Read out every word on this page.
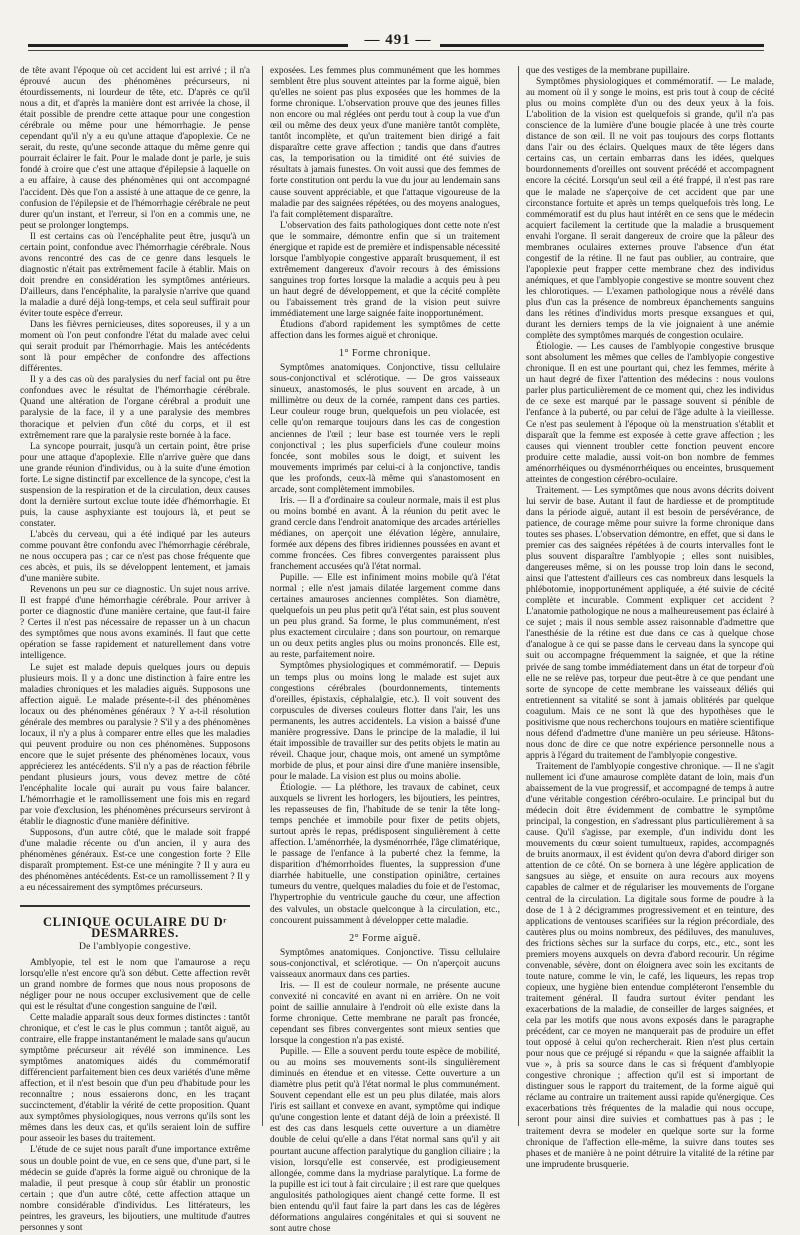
— 491 —

de tête avant l'époque où cet accident lui est arrivé ; il n'a éprouvé aucun des phénomènes précurseurs, ni étourdissements, ni lourdeur de tête, etc. D'après ce qu'il nous a dit, et d'après la manière dont est arrivée la chose, il était possible de prendre cette attaque pour une congestion cérébrale ou même pour une hémorrhagie. Je pense cependant qu'il n'y a eu qu'une attaque d'apoplexie. Ce ne serait, du reste, qu'une seconde attaque du même genre qui pourrait éclairer le fait. Pour le malade dont je parle, je suis fondé à croire que c'est une attaque d'épilepsie à laquelle on a eu affaire, à cause des phénomènes qui ont accompagné l'accident. Dès que l'on a assisté à une attaque de ce genre, la confusion de l'épilepsie et de l'hémorrhagie cérébrale ne peut durer qu'un instant, et l'erreur, si l'on en a commis une, ne peut se prolonger longtemps.

Il est certains cas où l'encéphalite peut être, jusqu'à un certain point, confondue avec l'hémorrhagie cérébrale. Nous avons rencontré des cas de ce genre dans lesquels le diagnostic n'était pas extrêmement facile à établir. Mais on doit prendre en considération les symptômes antérieurs. D'ailleurs, dans l'encéphalite, la paralysie n'arrive que quand la maladie a duré déjà long-temps, et cela seul suffirait pour éviter toute espèce d'erreur.

Dans les fièvres pernicieuses, dites soporeuses, il y a un moment où l'on peut confondre l'état du malade avec celui qui serait produit par l'hémorrhagie. Mais les antécédents sont là pour empêcher de confondre des affections différentes.

Il y a des cas où des paralysies du nerf facial ont pu être confondues avec le résultat de l'hémorrhagie cérébrale. Quand une altération de l'organe cérébral a produit une paralysie de la face, il y a une paralysie des membres thoracique et pelvien d'un côté du corps, et il est extrêmement rare que la paralysie reste bornée à la face.

La syncope pourrait, jusqu'à un certain point, être prise pour une attaque d'apoplexie. Elle n'arrive guère que dans une grande réunion d'individus, ou à la suite d'une émotion forte. Le signe distinctif par excellence de la syncope, c'est la suspension de la respiration et de la circulation, deux causes dont la dernière surtout exclue toute idée d'hémorrhagie. Et puis, la cause asphyxiante est toujours là, et peut se constater.

L'abcès du cerveau, qui a été indiqué par les auteurs comme pouvant être confondu avec l'hémorrhagie cérébrale, ne nous occupera pas ; car ce n'est pas chose fréquente que ces abcès, et puis, ils se développent lentement, et jamais d'une manière subite.

Revenons un peu sur ce diagnostic. Un sujet nous arrive. Il est frappé d'une hémorrhagie cérébrale. Pour arriver à porter ce diagnostic d'une manière certaine, que faut-il faire ? Certes il n'est pas nécessaire de repasser un à un chacun des symptômes que nous avons examinés. Il faut que cette opération se fasse rapidement et naturellement dans votre intelligence.

Le sujet est malade depuis quelques jours ou depuis plusieurs mois. Il y a donc une distinction à faire entre les maladies chroniques et les maladies aiguës. Supposons une affection aiguë. Le malade présente-t-il des phénomènes locaux ou des phénomènes généraux ? Y a-t-il résolution générale des membres ou paralysie ? S'il y a des phénomènes locaux, il n'y a plus à comparer entre elles que les maladies qui peuvent produire ou non ces phénomènes. Supposons encore que le sujet présente des phénomènes locaux, vous apprécierez les antécédents. S'il n'y a pas de réaction fébrile pendant plusieurs jours, vous devez mettre de côté l'encéphalite locale qui aurait pu vous faire balancer. L'hémorrhagie et le ramollissement une fois mis en regard par voie d'exclusion, les phénomènes précurseurs serviront à établir le diagnostic d'une manière définitive.

Supposons, d'un autre côté, que le malade soit frappé d'une maladie récente ou d'un ancien, il y aura des phénomènes généraux. Est-ce une congestion forte ? Elle disparaît promptement. Est-ce une méningite ? Il y aura eu des phénomènes antécédents. Est-ce un ramollissement ? Il y a eu nécessairement des symptômes précurseurs.

CLINIQUE OCULAIRE DU Dʳ DESMARRES.
De l'amblyopie congestive.

Amblyopie, tel est le nom que l'amaurose a reçu lorsqu'elle n'est encore qu'à son début. Cette affection revêt un grand nombre de formes que nous nous proposons de négliger pour ne nous occuper exclusivement que de celle qui est le résultat d'une congestion sanguine de l'œil.

Cette maladie apparaît sous deux formes distinctes : tantôt chronique, et c'est le cas le plus commun ; tantôt aiguë, au contraire, elle frappe instantanément le malade sans qu'aucun symptôme précurseur ait révélé son imminence. Les symptômes anatomiques aidés du commémoratif différencient parfaitement bien ces deux variétés d'une même affection, et il n'est besoin que d'un peu d'habitude pour les reconnaître ; nous essaierons donc, en les traçant succinctement, d'établir la vérité de cette proposition. Quant aux symptômes physiologiques, nous verrons qu'ils sont les mêmes dans les deux cas, et qu'ils seraient loin de suffire pour asseoir les bases du traitement.

L'étude de ce sujet nous paraît d'une importance extrême sous un double point de vue, en ce sens que, d'une part, si le médecin se guide d'après la forme aiguë ou chronique de la maladie, il peut presque à coup sûr établir un pronostic certain ; que d'un autre côté, cette affection attaque un nombre considérable d'individus. Les littérateurs, les peintres, les graveurs, les bijoutiers, une multitude d'autres personnes y sont

exposées. Les femmes plus communément que les hommes semblent être plus souvent atteintes par la forme aiguë, bien qu'elles ne soient pas plus exposées que les hommes de la forme chronique. L'observation prouve que des jeunes filles non encore ou mal réglées ont perdu tout à coup la vue d'un œil ou même des deux yeux d'une manière tantôt complète, tantôt incomplète, et qu'un traitement bien dirigé a fait disparaître cette grave affection ; tandis que dans d'autres cas, la temporisation ou la timidité ont été suivies de résultats à jamais funestes. On voit aussi que des femmes de forte constitution ont perdu la vue du jour au lendemain sans cause souvent appréciable, et que l'attaque vigoureuse de la maladie par des saignées répétées, ou des moyens analogues, l'a fait complètement disparaître.

L'observation des faits pathologiques dont cette note n'est que le sommaire, démontre enfin que si un traitement énergique et rapide est de première et indispensable nécessité lorsque l'amblyopie congestive apparaît brusquement, il est extrêmement dangereux d'avoir recours à des émissions sanguines trop fortes lorsque la maladie a acquis peu à peu un haut degré de développement, et que la cécité complète ou l'abaissement très grand de la vision peut suivre immédiatement une large saignée faite inopportunément.

Étudions d'abord rapidement les symptômes de cette affection dans les formes aiguë et chronique.

1° Forme chronique.

Symptômes anatomiques. Conjonctive, tissu cellulaire sous-conjonctival et sclérotique. — De gros vaisseaux sinueux, anastomosés, le plus souvent en arcade, à un millimètre ou deux de la cornée, rampent dans ces parties. Leur couleur rouge brun, quelquefois un peu violacée, est celle qu'on remarque toujours dans les cas de congestion anciennes de l'œil ; leur base est tournée vers le repli conjonctival ; les plus superficiels d'une couleur moins foncée, sont mobiles sous le doigt, et suivent les mouvements imprimés par celui-ci à la conjonctive, tandis que les profonds, ceux-là même qui s'anastomosent en arcade, sont complètement immobiles.

Iris. — Il a d'ordinaire sa couleur normale, mais il est plus ou moins bombé en avant. À la réunion du petit avec le grand cercle dans l'endroit anatomique des arcades artérielles médianes, on aperçoit une élévation légère, annulaire, formée aux dépens des fibres iridiennes poussées en avant et comme froncées. Ces fibres convergentes paraissent plus franchement accusées qu'à l'état normal.

Pupille. — Elle est infiniment moins mobile qu'à l'état normal ; elle n'est jamais dilatée largement comme dans certaines amauroses anciennes complètes. Son diamètre, quelquefois un peu plus petit qu'à l'état sain, est plus souvent un peu plus grand. Sa forme, le plus communément, n'est plus exactement circulaire ; dans son pourtour, on remarque un ou deux petits angles plus ou moins prononcés. Elle est, au reste, parfaitement noire.

Symptômes physiologiques et commémoratif. — Depuis un temps plus ou moins long le malade est sujet aux congestions cérébrales (bourdonnements, tintements d'oreilles, épistaxis, céphalalgie, etc.). Il voit souvent des corpuscules de diverses couleurs flotter dans l'air, les uns permanents, les autres accidentels. La vision a baissé d'une manière progressive. Dans le principe de la maladie, il lui était impossible de travailler sur des petits objets le matin au réveil. Chaque jour, chaque mois, ont amené un symptôme morbide de plus, et pour ainsi dire d'une manière insensible, pour le malade. La vision est plus ou moins abolie.

Étiologie. — La pléthore, les travaux de cabinet, ceux auxquels se livrent les horlogers, les bijoutiers, les peintres, les repasseuses de fin, l'habitude de se tenir la tête long-temps penchée et immobile pour fixer de petits objets, surtout après le repas, prédisposent singulièrement à cette affection. L'aménorrhée, la dysménorrhée, l'âge climatérique, le passage de l'enfance à la puberté chez la femme, la disparition d'hémorrhoïdes fluentes, la suppression d'une diarrhée habituelle, une constipation opiniâtre, certaines tumeurs du ventre, quelques maladies du foie et de l'estomac, l'hypertrophie du ventricule gauche du cœur, une affection des valvules, un obstacle quelconque à la circulation, etc., concourent puissamment à développer cette maladie.

2° Forme aiguë.

Symptômes anatomiques. Conjonctive. Tissu cellulaire sous-conjonctival, et sclérotique. — On n'aperçoit aucuns vaisseaux anormaux dans ces parties.

Iris. — Il est de couleur normale, ne présente aucune convexité ni concavité en avant ni en arrière. On ne voit point de saillie annulaire à l'endroit où elle existe dans la forme chronique. Cette membrane ne paraît pas froncée, cependant ses fibres convergentes sont mieux senties que lorsque la congestion n'a pas existé.

Pupille. — Elle a souvent perdu toute espèce de mobilité, ou au moins ses mouvements sont-ils singulièrement diminués en étendue et en vitesse. Cette ouverture a un diamètre plus petit qu'à l'état normal le plus communément. Souvent cependant elle est un peu plus dilatée, mais alors l'iris est saillant et convexe en avant, symptôme qui indique qu'une congestion lente et datant déjà de loin a préexisté. Il est des cas dans lesquels cette ouverture a un diamètre double de celui qu'elle a dans l'état normal sans qu'il y ait pourtant aucune affection paralytique du ganglion ciliaire ; la vision, lorsqu'elle est conservée, est prodigieusement allongée, comme dans la mydriase paralytique. La forme de la pupille est ici tout à fait circulaire ; il est rare que quelques angulosités pathologiques aient changé cette forme. Il est bien entendu qu'il faut faire la part dans les cas de légères déformations angulaires congénitales et qui si souvent ne sont autre chose

que des vestiges de la membrane pupillaire.

Symptômes physiologiques et commémoratif. — Le malade, au moment où il y songe le moins, est pris tout à coup de cécité plus ou moins complète d'un ou des deux yeux à la fois. L'abolition de la vision est quelquefois si grande, qu'il n'a pas conscience de la lumière d'une bougie placée à une très courte distance de son œil. Il ne voit pas toujours des corps flottants dans l'air ou des éclairs. Quelques maux de tête légers dans certains cas, un certain embarras dans les idées, quelques bourdonnements d'oreilles ont souvent précédé et accompagnent encore la cécité. Lorsqu'un seul œil a été frappé, il n'est pas rare que le malade ne s'aperçoive de cet accident que par une circonstance fortuite et après un temps quelquefois très long. Le commémoratif est du plus haut intérêt en ce sens que le médecin acquiert facilement la certitude que la maladie a brusquement envahi l'organe. Il serait dangereux de croire que la pâleur des membranes oculaires externes prouve l'absence d'un état congestif de la rétine. Il ne faut pas oublier, au contraire, que l'apoplexie peut frapper cette membrane chez des individus anémiques, et que l'amblyopie congestive se montre souvent chez les chlorotiques. — L'examen pathologique nous a révélé dans plus d'un cas la présence de nombreux épanchements sanguins dans les rétines d'individus morts presque exsangues et qui, durant les derniers temps de la vie joignaient à une anémie complète des symptômes marqués de congestion oculaire.

Étiologie. — Les causes de l'amblyopie congestive brusque sont absolument les mêmes que celles de l'amblyopie congestive chronique. Il en est une pourtant qui, chez les femmes, mérite à un haut degré de fixer l'attention des médecins : nous voulons parler plus particulièrement de ce moment qui, chez les individus de ce sexe est marqué par le passage souvent si pénible de l'enfance à la puberté, ou par celui de l'âge adulte à la vieillesse. Ce n'est pas seulement à l'époque où la menstruation s'établit et disparaît que la femme est exposée à cette grave affection ; les causes qui viennent troubler cette fonction peuvent encore produire cette maladie, aussi voit-on bon nombre de femmes aménorrhéiques ou dysménorrhéiques ou enceintes, brusquement atteintes de congestion cérébro-oculaire.

Traitement. — Les symptômes que nous avons décrits doivent lui servir de base. Autant il faut de hardiesse et de promptitude dans la période aiguë, autant il est besoin de persévérance, de patience, de courage même pour suivre la forme chronique dans toutes ses phases. L'observation démontre, en effet, que si dans le premier cas des saignées répétées à de courts intervalles font le plus souvent disparaître l'amblyopie ; elles sont nuisibles, dangereuses même, si on les pousse trop loin dans le second, ainsi que l'attestent d'ailleurs ces cas nombreux dans lesquels la phlébotomie, inopportunément appliquée, a été suivie de cécité complète et incurable. Comment expliquer cet accident ? L'anatomie pathologique ne nous a malheureusement pas éclairé à ce sujet ; mais il nous semble assez raisonnable d'admettre que l'anesthésie de la rétine est due dans ce cas à quelque chose d'analogue à ce qui se passe dans le cerveau dans la syncope qui suit ou accompagne fréquemment la saignée, et que la rétine privée de sang tombe immédiatement dans un état de torpeur d'où elle ne se relève pas, torpeur due peut-être à ce que pendant une sorte de syncope de cette membrane les vaisseaux déliés qui entretiennent sa vitalité se sont à jamais oblitérés par quelque coagulum. Mais ce ne sont là que des hypothèses que le positivisme que nous recherchons toujours en matière scientifique nous défend d'admettre d'une manière un peu sérieuse. Hâtons-nous donc de dire ce que notre expérience personnelle nous a appris à l'égard du traitement de l'amblyopie congestive.

Traitement de l'amblyopie congestive chronique. — Il ne s'agit nullement ici d'une amaurose complète datant de loin, mais d'un abaissement de la vue progressif, et accompagné de temps à autre d'une véritable congestion cérébro-oculaire. Le principal but du médecin doit être évidemment de combattre le symptôme principal, la congestion, en s'adressant plus particulièrement à sa cause. Qu'il s'agisse, par exemple, d'un individu dont les mouvements du cœur soient tumultueux, rapides, accompagnés de bruits anormaux, il est évident qu'on devra d'abord diriger son attention de ce côté. On se bornera à une légère application de sangsues au siège, et ensuite on aura recours aux moyens capables de calmer et de régulariser les mouvements de l'organe central de la circulation. La digitale sous forme de poudre à la dose de 1 à 2 décigrammes progressivement et en teinture, des applications de ventouses scarifiées sur la région précordiale, des cautères plus ou moins nombreux, des pédiluves, des manuluves, des frictions sèches sur la surface du corps, etc., etc., sont les premiers moyens auxquels on devra d'abord recourir. Un régime convenable, sévère, dont on éloignera avec soin les excitants de toute nature, comme le vin, le café, les liqueurs, les repas trop copieux, une hygiène bien entendue compléteront l'ensemble du traitement général. Il faudra surtout éviter pendant les exacerbations de la maladie, de conseiller de larges saignées, et cela par les motifs que nous avons exposés dans le paragraphe précédent, car ce moyen ne manquerait pas de produire un effet tout opposé à celui qu'on rechercherait. Rien n'est plus certain pour nous que ce préjugé si répandu « que la saignée affaiblit la vue », à pris sa source dans le cas si fréquent d'amblyopie congestive chronique ; affection qu'il est si important de distinguer sous le rapport du traitement, de la forme aiguë qui réclame au contraire un traitement aussi rapide qu'énergique. Ces exacerbations très fréquentes de la maladie qui nous occupe, seront pour ainsi dire suivies et combattues pas à pas ; le traitement devra se modeler en quelque sorte sur la forme chronique de l'affection elle-même, la suivre dans toutes ses phases et de manière à ne point détruire la vitalité de la rétine par une imprudente brusquerie.
